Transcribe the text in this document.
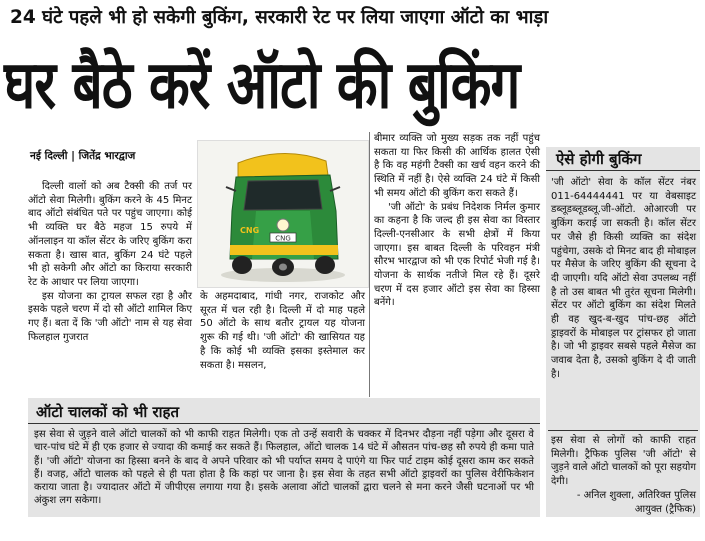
24 घंटे पहले भी हो सकेगी बुकिंग, सरकारी रेट पर लिया जाएगा ऑटो का भाड़ा
घर बैठे करें ऑटो की बुकिंग
नई दिल्ली | जितेंद्र भारद्वाज

दिल्ली वालों को अब टैक्सी की तर्ज पर ऑटो सेवा मिलेगी। बुकिंग करने के 45 मिनट बाद ऑटो संबंधित पते पर पहुंच जाएगा। कोई भी व्यक्ति घर बैठे महज 15 रुपये में ऑनलाइन या कॉल सेंटर के जरिए बुकिंग करा सकता है। खास बात, बुकिंग 24 घंटे पहले भी हो सकेगी और ऑटो का किराया सरकारी रेट के आधार पर लिया जाएगा।

इस योजना का ट्रायल सफल रहा है और इसके पहले चरण में दो सौ ऑटो शामिल किए गए हैं। बता दें कि 'जी ऑटो' नाम से यह सेवा फिलहाल गुजरात

CNG
CNG

के अहमदाबाद, गांधी नगर, राजकोट और सूरत में चल रही है। दिल्ली में दो माह पहले 50 ऑटो के साथ बतौर ट्रायल यह योजना शुरू की गई थी। 'जी ऑटो' की खासियत यह है कि कोई भी व्यक्ति इसका इस्तेमाल कर सकता है। मसलन,

बीमार व्यक्ति जो मुख्य सड़क तक नहीं पहुंच सकता या फिर किसी की आर्थिक हालत ऐसी है कि वह महंगी टैक्सी का खर्च वहन करने की स्थिति में नहीं है। ऐसे व्यक्ति 24 घंटे में किसी भी समय ऑटो की बुकिंग करा सकते हैं।

'जी ऑटो' के प्रबंध निदेशक निर्मल कुमार का कहना है कि जल्द ही इस सेवा का विस्तार दिल्ली-एनसीआर के सभी क्षेत्रों में किया जाएगा। इस बाबत दिल्ली के परिवहन मंत्री सौरभ भारद्वाज को भी एक रिपोर्ट भेजी गई है। योजना के सार्थक नतीजे मिल रहे हैं। दूसरे चरण में दस हजार ऑटो इस सेवा का हिस्सा बनेंगे।

ऐसे होगी बुकिंग

'जी ऑटो' सेवा के कॉल सेंटर नंबर 011-64444441 पर या वेबसाइट डब्लूडब्लूडब्लू.जी-ऑटो. ओआरजी पर बुकिंग कराई जा सकती है। कॉल सेंटर पर जैसे ही किसी व्यक्ति का संदेश पहुंचेगा, उसके दो मिनट बाद ही मोबाइल पर मैसेज के जरिए बुकिंग की सूचना दे दी जाएगी। यदि ऑटो सेवा उपलब्ध नहीं है तो उस बाबत भी तुरंत सूचना मिलेगी। सेंटर पर ऑटो बुकिंग का संदेश मिलते ही वह खुद-ब-खुद पांच-छह ऑटो ड्राइवरों के मोबाइल पर ट्रांसफर हो जाता है। जो भी ड्राइवर सबसे पहले मैसेज का जवाब देता है, उसको बुकिंग दे दी जाती है।

इस सेवा से लोगों को काफी राहत मिलेगी। ट्रैफिक पुलिस 'जी ऑटो' से जुड़ने वाले ऑटो चालकों को पूरा सहयोग देगी।

- अनिल शुक्ला, अतिरिक्त पुलिस आयुक्त (ट्रैफिक)

ऑटो चालकों को भी राहत

इस सेवा से जुड़ने वाले ऑटो चालकों को भी काफी राहत मिलेगी। एक तो उन्हें सवारी के चक्कर में दिनभर दौड़ना नहीं पड़ेगा और दूसरा वे चार-पांच घंटे में ही एक हजार से ज्यादा की कमाई कर सकते हैं। फिलहाल, ऑटो चालक 14 घंटे में औसतन पांच-छह सौ रुपये ही कमा पाते हैं। 'जी ऑटो' योजना का हिस्सा बनने के बाद वे अपने परिवार को भी पर्याप्त समय दे पाएंगे या फिर पार्ट टाइम कोई दूसरा काम कर सकते हैं। वजह, ऑटो चालक को पहले से ही पता होता है कि कहां पर जाना है। इस सेवा के तहत सभी ऑटो ड्राइवरों का पुलिस वेरीफिकेशन कराया जाता है। ज्यादातर ऑटो में जीपीएस लगाया गया है। इसके अलावा ऑटो चालकों द्वारा चलने से मना करने जैसी घटनाओं पर भी अंकुश लग सकेगा।
